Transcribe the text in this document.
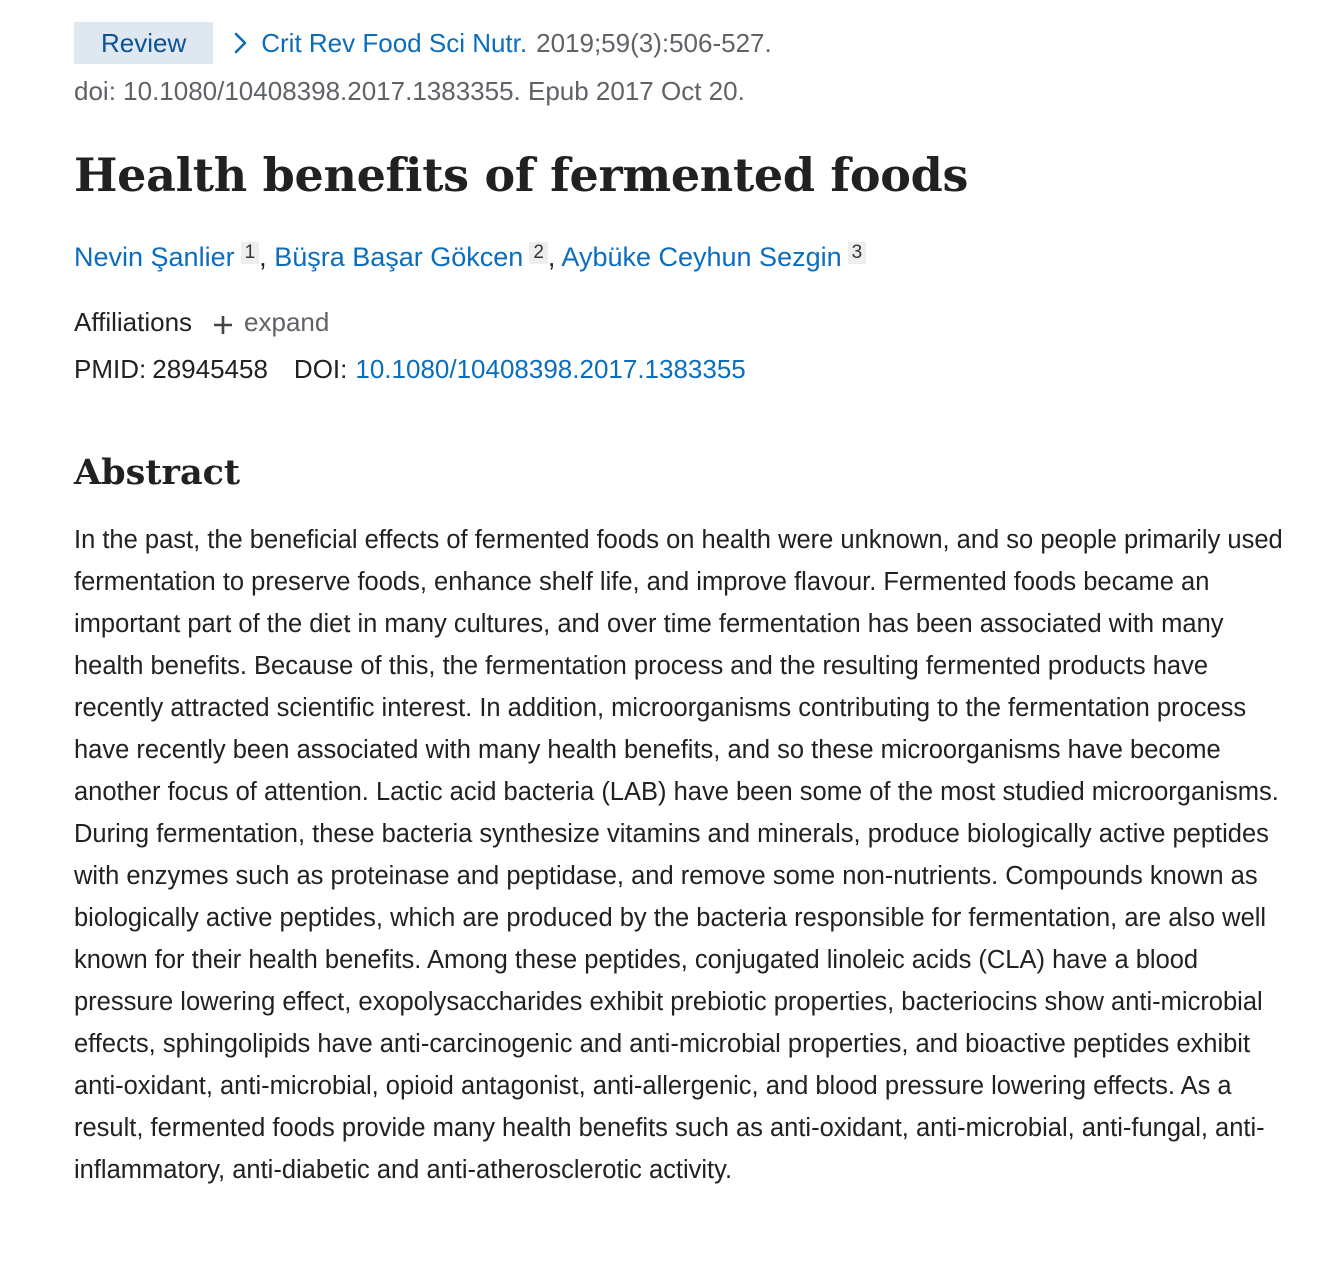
Review	Crit Rev Food Sci Nutr. 2019;59(3):506-527.
doi: 10.1080/10408398.2017.1383355. Epub 2017 Oct 20.
Health benefits of fermented foods
Nevin Şanlier 1 , Büşra Başar Gökcen 2 , Aybüke Ceyhun Sezgin 3
Affiliations expand
PMID: 28945458 DOI: 10.1080/10408398.2017.1383355
Abstract

In the past, the beneficial effects of fermented foods on health were unknown, and so people primarily used fermentation to preserve foods, enhance shelf life, and improve flavour. Fermented foods became an important part of the diet in many cultures, and over time fermentation has been associated with many health benefits. Because of this, the fermentation process and the resulting fermented products have recently attracted scientific interest. In addition, microorganisms contributing to the fermentation process have recently been associated with many health benefits, and so these microorganisms have become another focus of attention. Lactic acid bacteria (LAB) have been some of the most studied microorganisms. During fermentation, these bacteria synthesize vitamins and minerals, produce biologically active peptides with enzymes such as proteinase and peptidase, and remove some non-nutrients. Compounds known as biologically active peptides, which are produced by the bacteria responsible for fermentation, are also well known for their health benefits. Among these peptides, conjugated linoleic acids (CLA) have a blood pressure lowering effect, exopolysaccharides exhibit prebiotic properties, bacteriocins show anti-microbial effects, sphingolipids have anti-carcinogenic and anti-microbial properties, and bioactive peptides exhibit anti-oxidant, anti-microbial, opioid antagonist, anti-allergenic, and blood pressure lowering effects. As a result, fermented foods provide many health benefits such as anti-oxidant, anti-microbial, anti-fungal, anti-inflammatory, anti-diabetic and anti-atherosclerotic activity.
